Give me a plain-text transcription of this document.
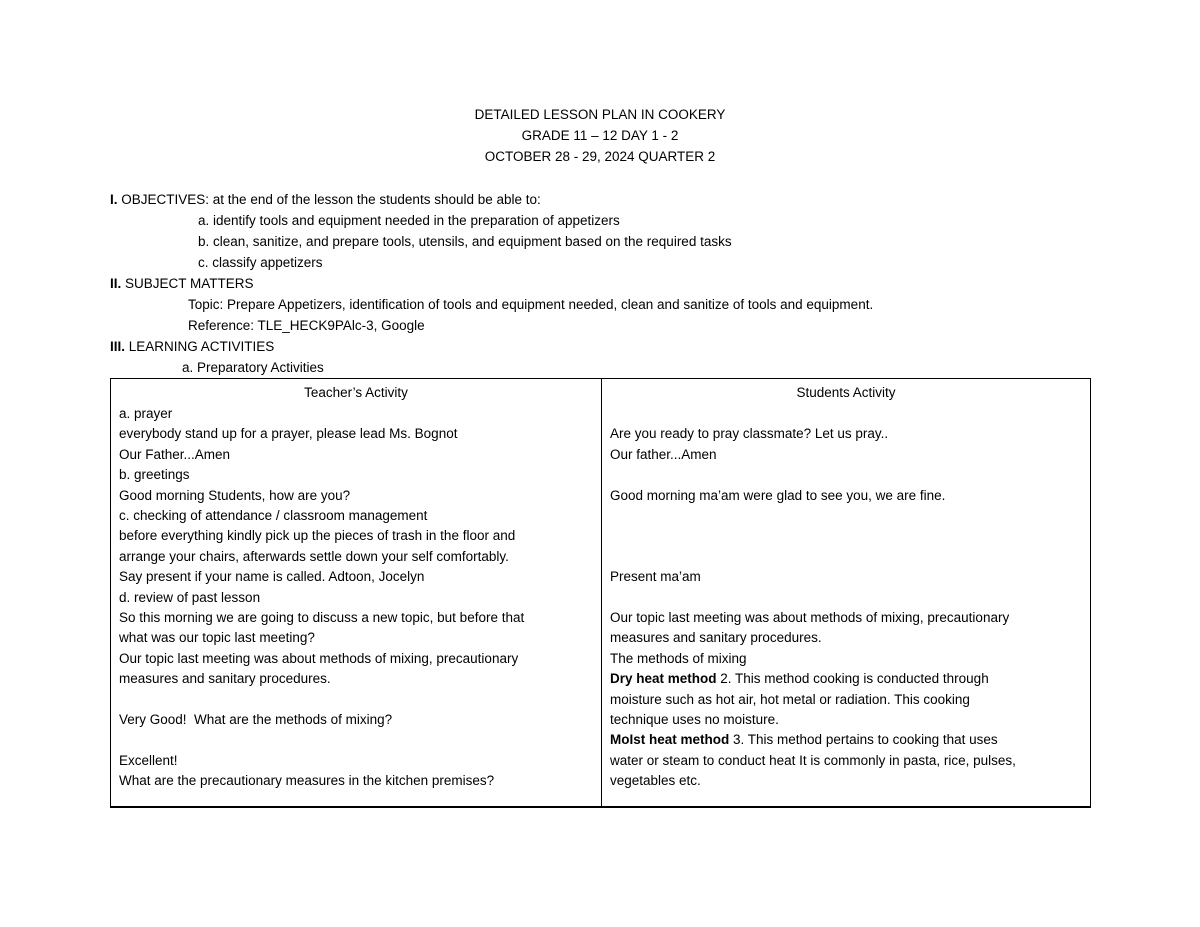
DETAILED LESSON PLAN IN COOKERY
GRADE 11 – 12 DAY 1 - 2
OCTOBER 28 - 29, 2024 QUARTER 2
I. OBJECTIVES: at the end of the lesson the students should be able to:
a. identify tools and equipment needed in the preparation of appetizers
b. clean, sanitize, and prepare tools, utensils, and equipment based on the required tasks
c. classify appetizers
II. SUBJECT MATTERS
Topic: Prepare Appetizers, identification of tools and equipment needed, clean and sanitize of tools and equipment.
Reference: TLE_HECK9PAlc-3, Google
III. LEARNING ACTIVITIES
a. Preparatory Activities
Teacher’s Activity
a. prayer
everybody stand up for a prayer, please lead Ms. Bognot
Our Father...Amen
b. greetings
Good morning Students, how are you?
c. checking of attendance / classroom management
before everything kindly pick up the pieces of trash in the floor and
arrange your chairs, afterwards settle down your self comfortably.
Say present if your name is called. Adtoon, Jocelyn
d. review of past lesson
So this morning we are going to discuss a new topic, but before that
what was our topic last meeting?
Our topic last meeting was about methods of mixing, precautionary
measures and sanitary procedures.
Very Good!  What are the methods of mixing?
Excellent!
What are the precautionary measures in the kitchen premises?
Students Activity
Are you ready to pray classmate? Let us pray..
Our father...Amen
Good morning ma’am were glad to see you, we are fine.
Present ma’am
Our topic last meeting was about methods of mixing, precautionary
measures and sanitary procedures.
The methods of mixing
Dry heat method 2. This method cooking is conducted through
moisture such as hot air, hot metal or radiation. This cooking
technique uses no moisture.
MoIst heat method 3. This method pertains to cooking that uses
water or steam to conduct heat It is commonly in pasta, rice, pulses,
vegetables etc.
